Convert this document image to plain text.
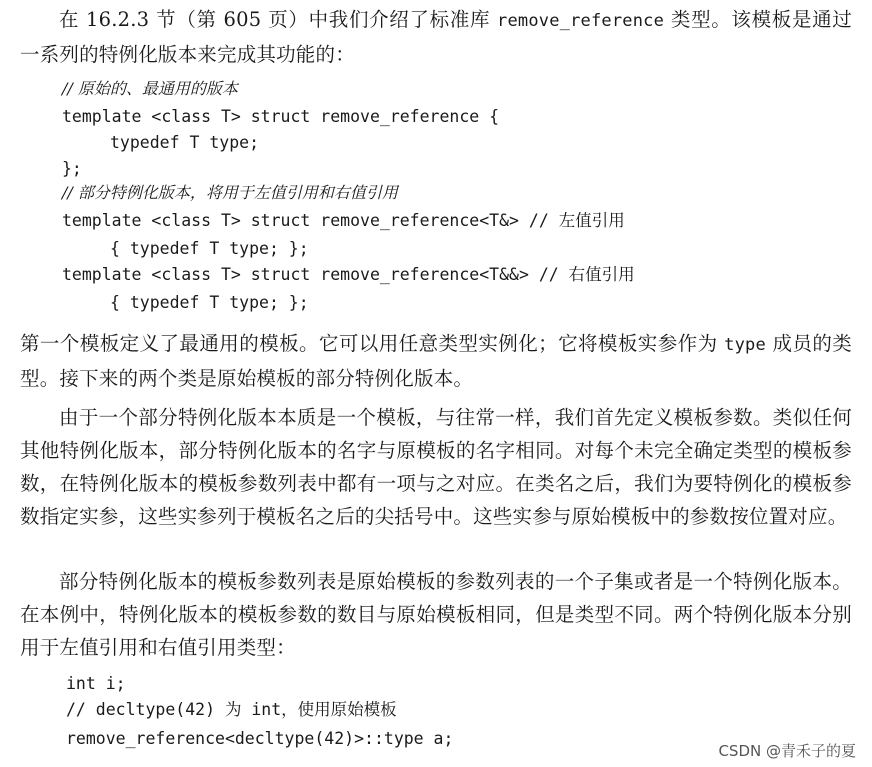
在 16.2.3 节（第 605 页）中我们介绍了标准库 remove_reference 类型。该模板是通过一系列的特例化版本来完成其功能的：

// 原始的、最通用的版本
template <class T> struct remove_reference {
typedef T type;
};
// 部分特例化版本，将用于左值引用和右值引用
template <class T> struct remove_reference<T&> // 左值引用
{ typedef T type; };
template <class T> struct remove_reference<T&&> // 右值引用
{ typedef T type; };

第一个模板定义了最通用的模板。它可以用任意类型实例化；它将模板实参作为 type 成员的类型。接下来的两个类是原始模板的部分特例化版本。

由于一个部分特例化版本本质是一个模板，与往常一样，我们首先定义模板参数。类似任何其他特例化版本，部分特例化版本的名字与原模板的名字相同。对每个未完全确定类型的模板参数，在特例化版本的模板参数列表中都有一项与之对应。在类名之后，我们为要特例化的模板参数指定实参，这些实参列于模板名之后的尖括号中。这些实参与原始模板中的参数按位置对应。

部分特例化版本的模板参数列表是原始模板的参数列表的一个子集或者是一个特例化版本。在本例中，特例化版本的模板参数的数目与原始模板相同，但是类型不同。两个特例化版本分别用于左值引用和右值引用类型：

int i;
// decltype(42) 为 int，使用原始模板
remove_reference<decltype(42)>::type a;
CSDN @青禾子的夏
